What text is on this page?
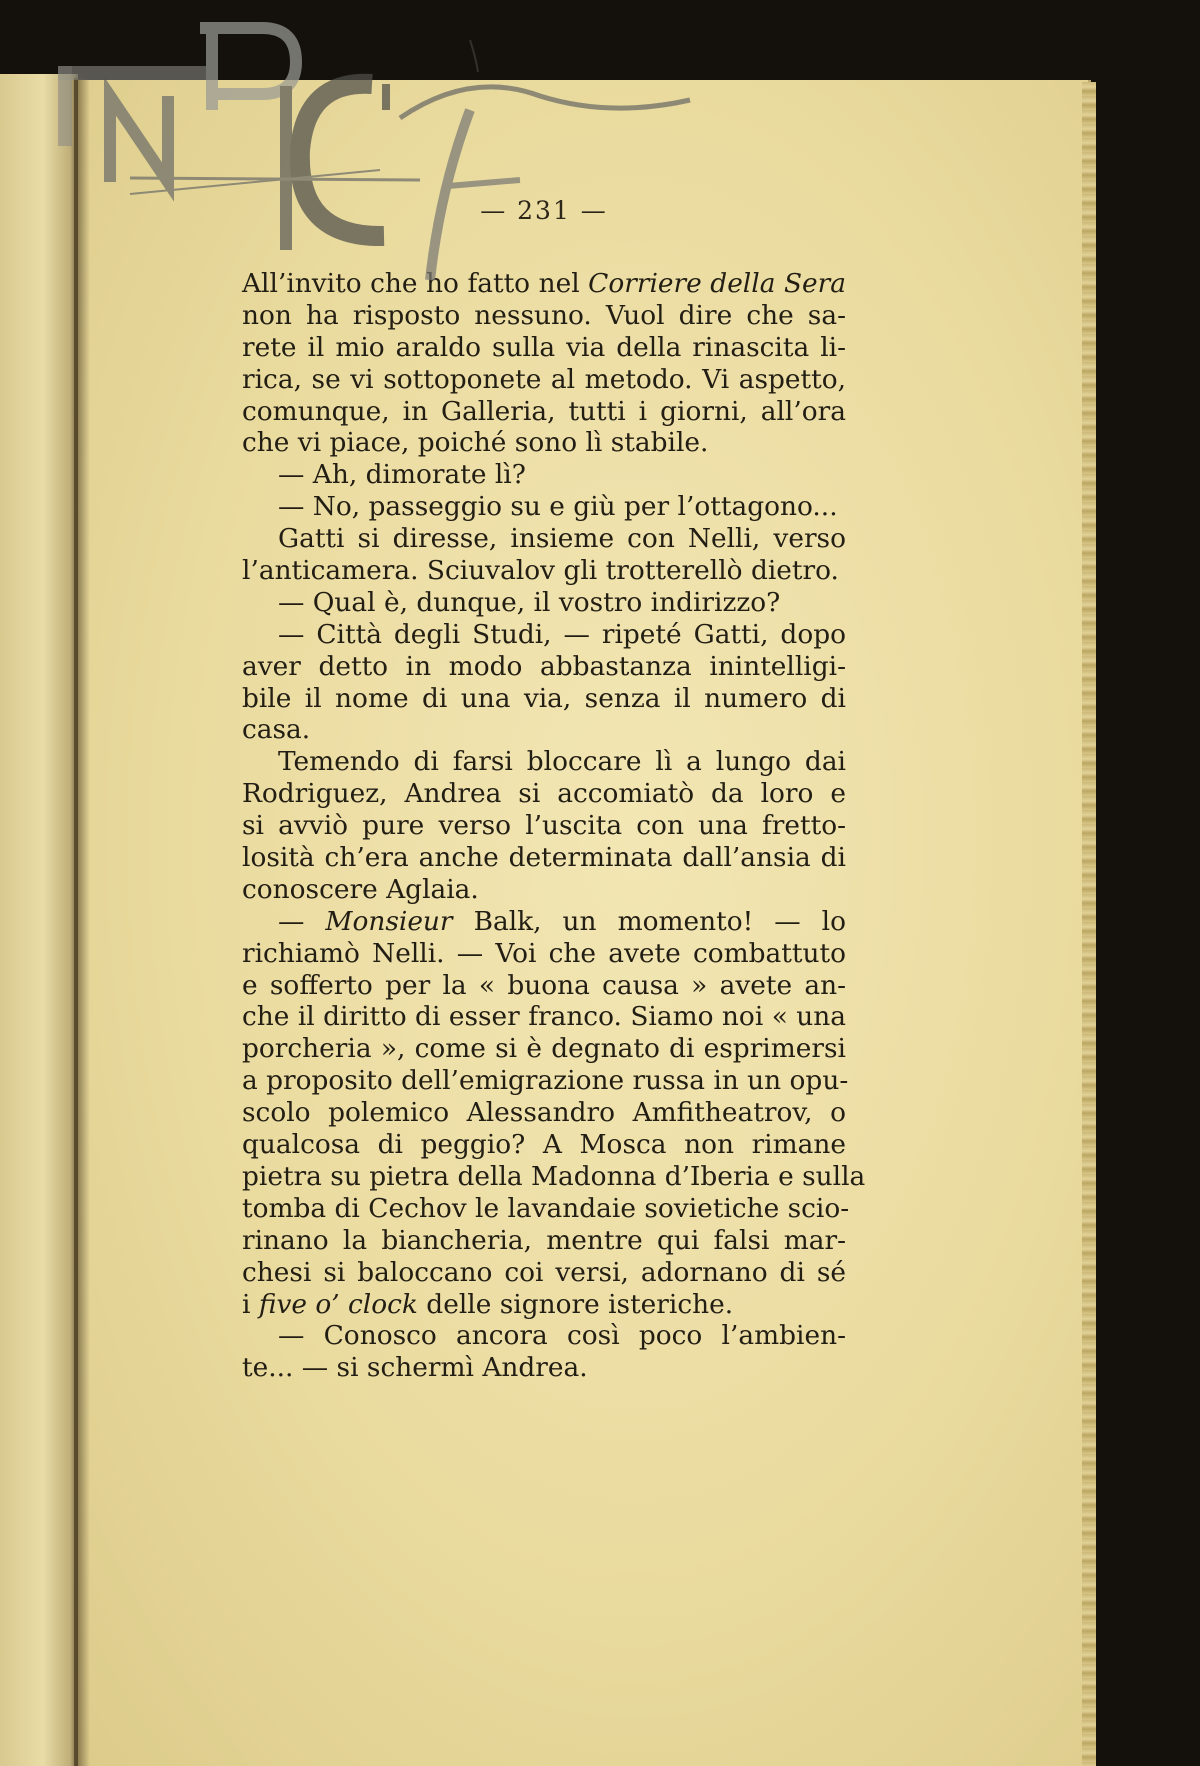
— 231 —
All’invito che ho fatto nel Corriere della Sera
non ha risposto nessuno. Vuol dire che sa-
rete il mio araldo sulla via della rinascita li-
rica, se vi sottoponete al metodo. Vi aspetto,
comunque, in Galleria, tutti i giorni, all’ora
che vi piace, poiché sono lì stabile.
— Ah, dimorate lì?
— No, passeggio su e giù per l’ottagono...
Gatti si diresse, insieme con Nelli, verso
l’anticamera. Sciuvalov gli trotterellò dietro.
— Qual è, dunque, il vostro indirizzo?
— Città degli Studi, — ripeté Gatti, dopo
aver detto in modo abbastanza inintelligi-
bile il nome di una via, senza il numero di
casa.
Temendo di farsi bloccare lì a lungo dai
Rodriguez, Andrea si accomiatò da loro e
si avviò pure verso l’uscita con una fretto-
losità ch’era anche determinata dall’ansia di
conoscere Aglaia.
— Monsieur Balk, un momento! — lo
richiamò Nelli. — Voi che avete combattuto
e sofferto per la « buona causa » avete an-
che il diritto di esser franco. Siamo noi « una
porcheria », come si è degnato di esprimersi
a proposito dell’emigrazione russa in un opu-
scolo polemico Alessandro Amfitheatrov, o
qualcosa di peggio? A Mosca non rimane
pietra su pietra della Madonna d’Iberia e sulla
tomba di Cechov le lavandaie sovietiche scio-
rinano la biancheria, mentre qui falsi mar-
chesi si baloccano coi versi, adornano di sé
i five o’ clock delle signore isteriche.
— Conosco ancora così poco l’ambien-
te... — si schermì Andrea.
